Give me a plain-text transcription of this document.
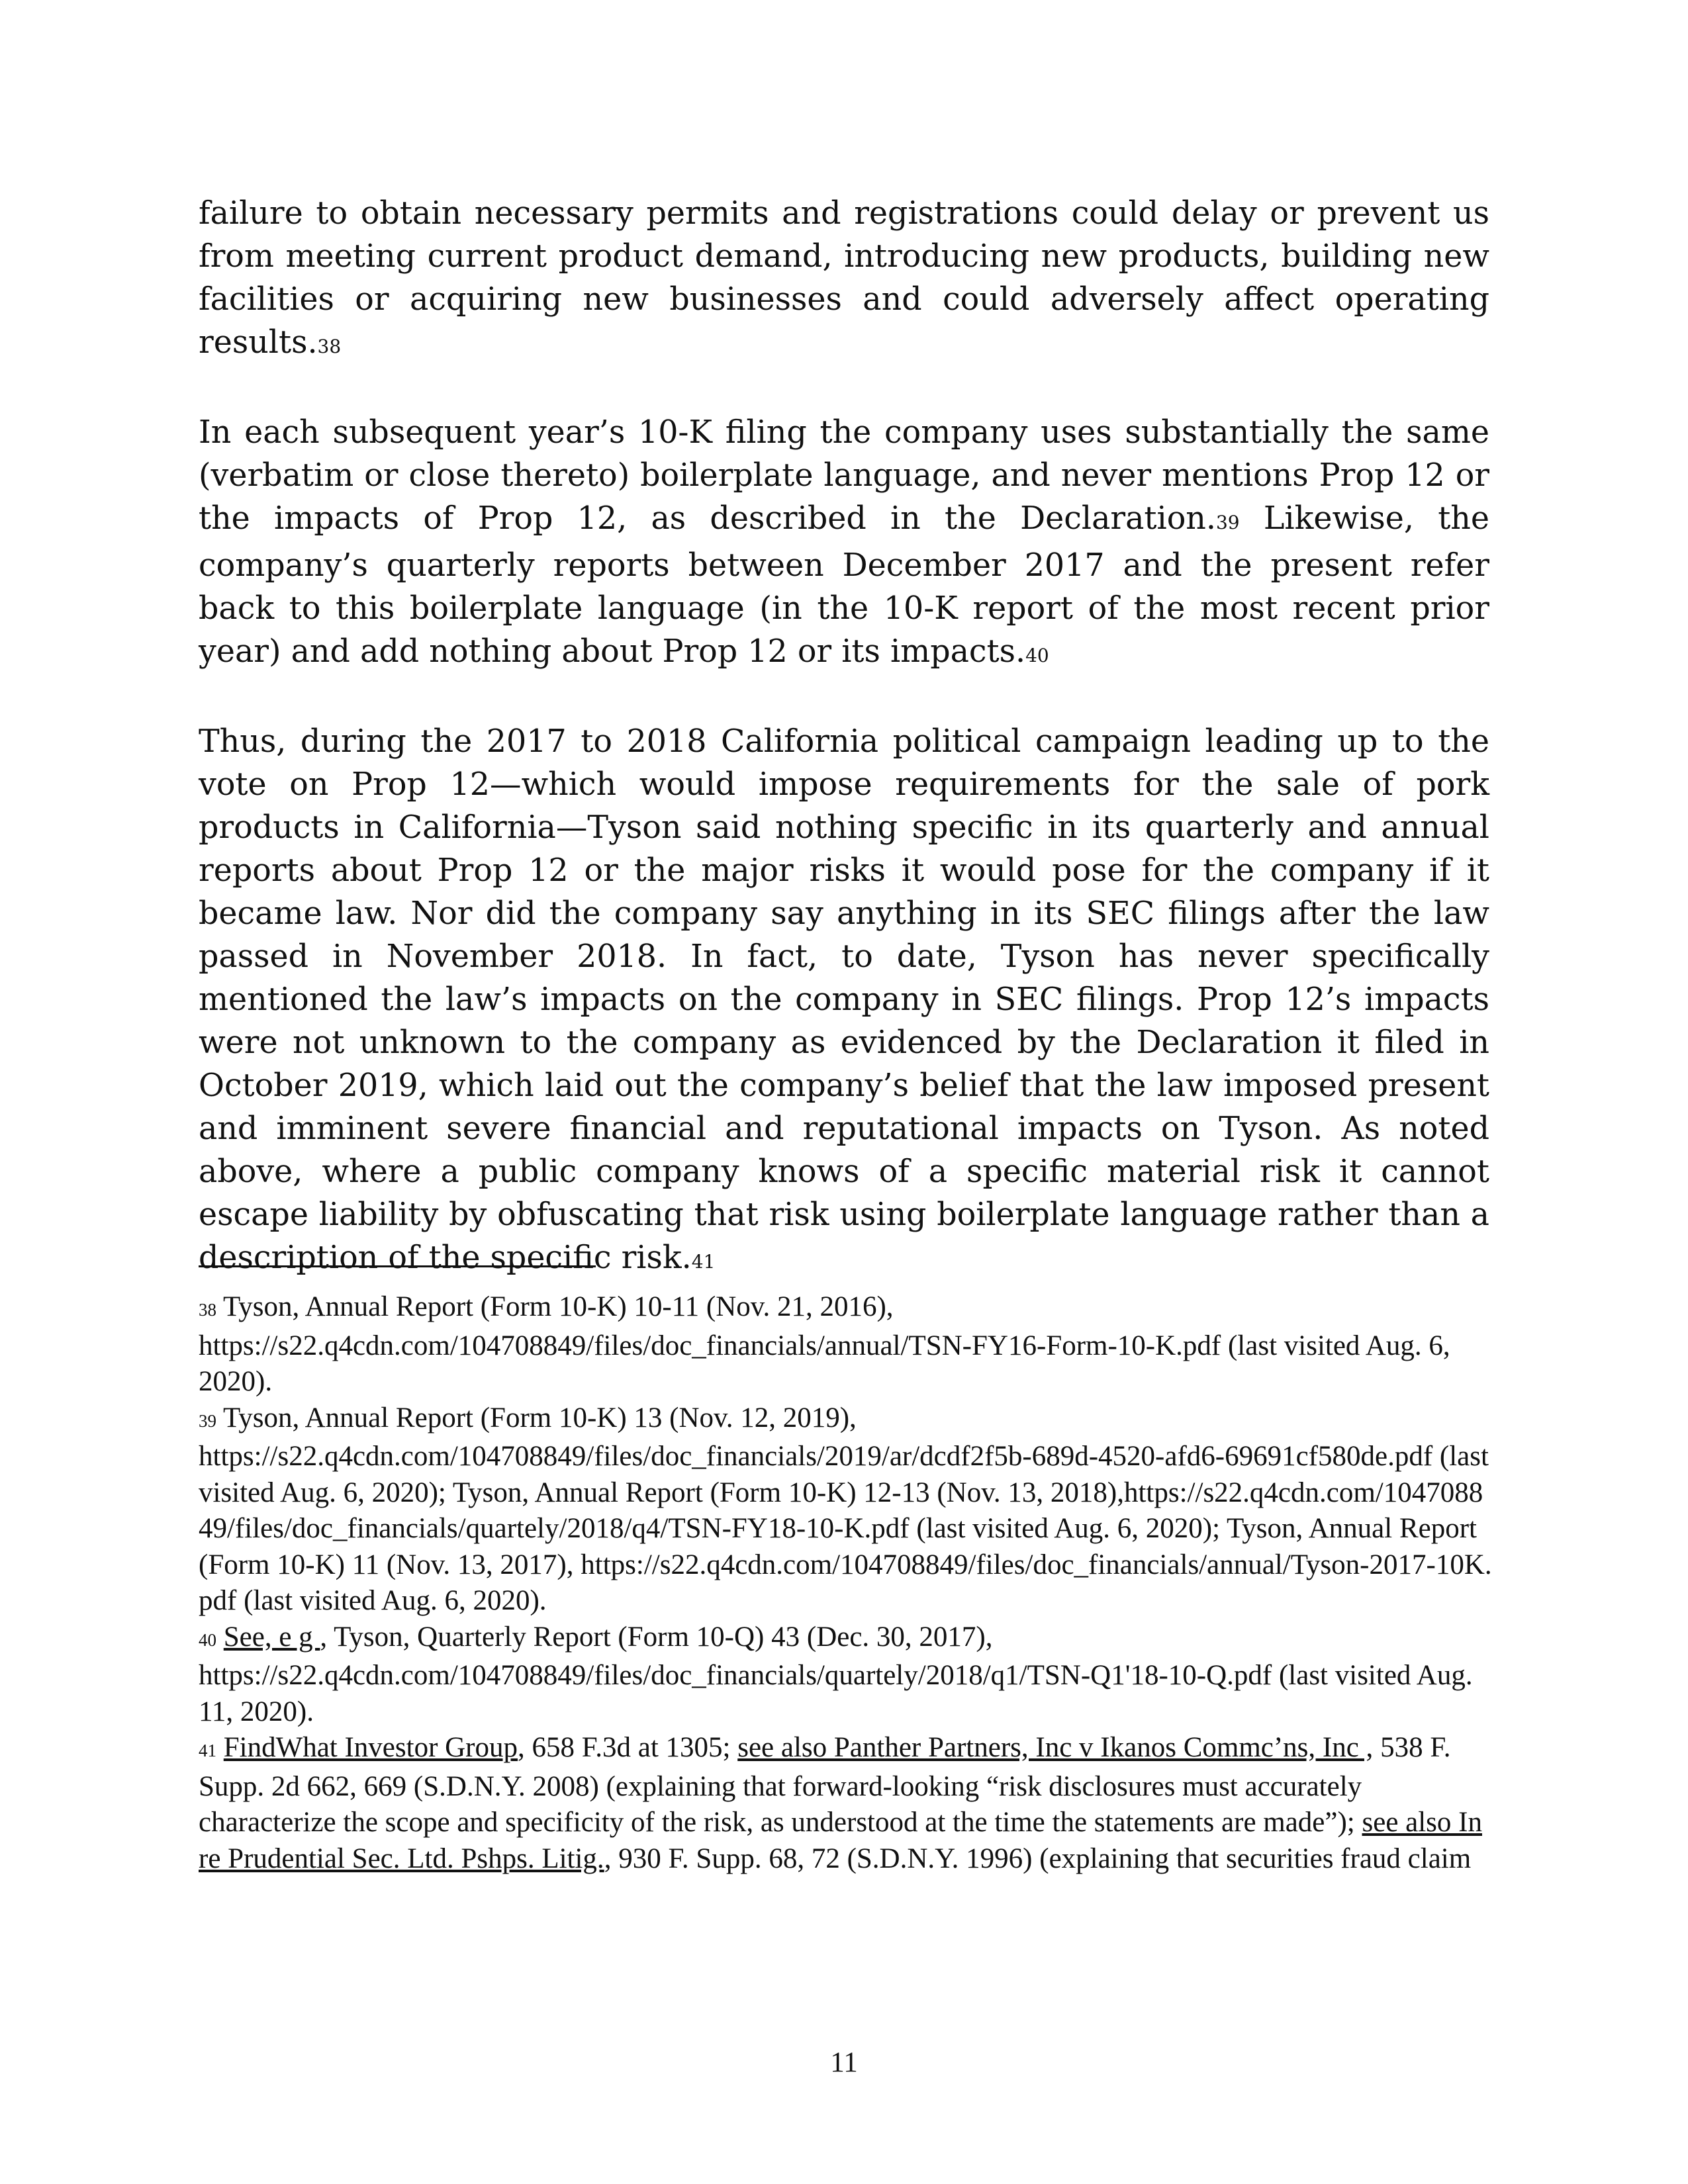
failure to obtain necessary permits and registrations could delay or prevent us from meeting current product demand, introducing new products, building new facilities or acquiring new businesses and could adversely affect operating results.38

In each subsequent year’s 10-K filing the company uses substantially the same (verbatim or close thereto) boilerplate language, and never mentions Prop 12 or the impacts of Prop 12, as described in the Declaration.39 Likewise, the company’s quarterly reports between December 2017 and the present refer back to this boilerplate language (in the 10-K report of the most recent prior year) and add nothing about Prop 12 or its impacts.40

Thus, during the 2017 to 2018 California political campaign leading up to the vote on Prop 12—which would impose requirements for the sale of pork products in California—Tyson said nothing specific in its quarterly and annual reports about Prop 12 or the major risks it would pose for the company if it became law. Nor did the company say anything in its SEC filings after the law passed in November 2018. In fact, to date, Tyson has never specifically mentioned the law’s impacts on the company in SEC filings. Prop 12’s impacts were not unknown to the company as evidenced by the Declaration it filed in October 2019, which laid out the company’s belief that the law imposed present and imminent severe financial and reputational impacts on Tyson. As noted above, where a public company knows of a specific material risk it cannot escape liability by obfuscating that risk using boilerplate language rather than a description of the specific risk.41

38 Tyson, Annual Report (Form 10-K) 10-11 (Nov. 21, 2016),
https://s22.q4cdn.com/104708849/files/doc_financials/annual/TSN-FY16-Form-10-K.pdf (last visited Aug. 6, 2020).

39 Tyson, Annual Report (Form 10-K) 13 (Nov. 12, 2019),
https://s22.q4cdn.com/104708849/files/doc_financials/2019/ar/dcdf2f5b-689d-4520-afd6-69691cf580de.pdf (last visited Aug. 6, 2020); Tyson, Annual Report (Form 10-K) 12-13 (Nov. 13, 2018),https://s22.q4cdn.com/104708849/files/doc_financials/quartely/2018/q4/TSN-FY18-10-K.pdf (last visited Aug. 6, 2020); Tyson, Annual Report (Form 10-K) 11 (Nov. 13, 2017), https://s22.q4cdn.com/104708849/files/doc_financials/annual/Tyson-2017-10K.pdf (last visited Aug. 6, 2020).

40 See, e g , Tyson, Quarterly Report (Form 10-Q) 43 (Dec. 30, 2017),
https://s22.q4cdn.com/104708849/files/doc_financials/quartely/2018/q1/TSN-Q1'18-10-Q.pdf (last visited Aug. 11, 2020).

41 FindWhat Investor Group, 658 F.3d at 1305; see also Panther Partners, Inc v Ikanos Commc’ns, Inc , 538 F. Supp. 2d 662, 669 (S.D.N.Y. 2008) (explaining that forward-looking “risk disclosures must accurately characterize the scope and specificity of the risk, as understood at the time the statements are made”); see also In re Prudential Sec. Ltd. Pshps. Litig., 930 F. Supp. 68, 72 (S.D.N.Y. 1996) (explaining that securities fraud claim

11
